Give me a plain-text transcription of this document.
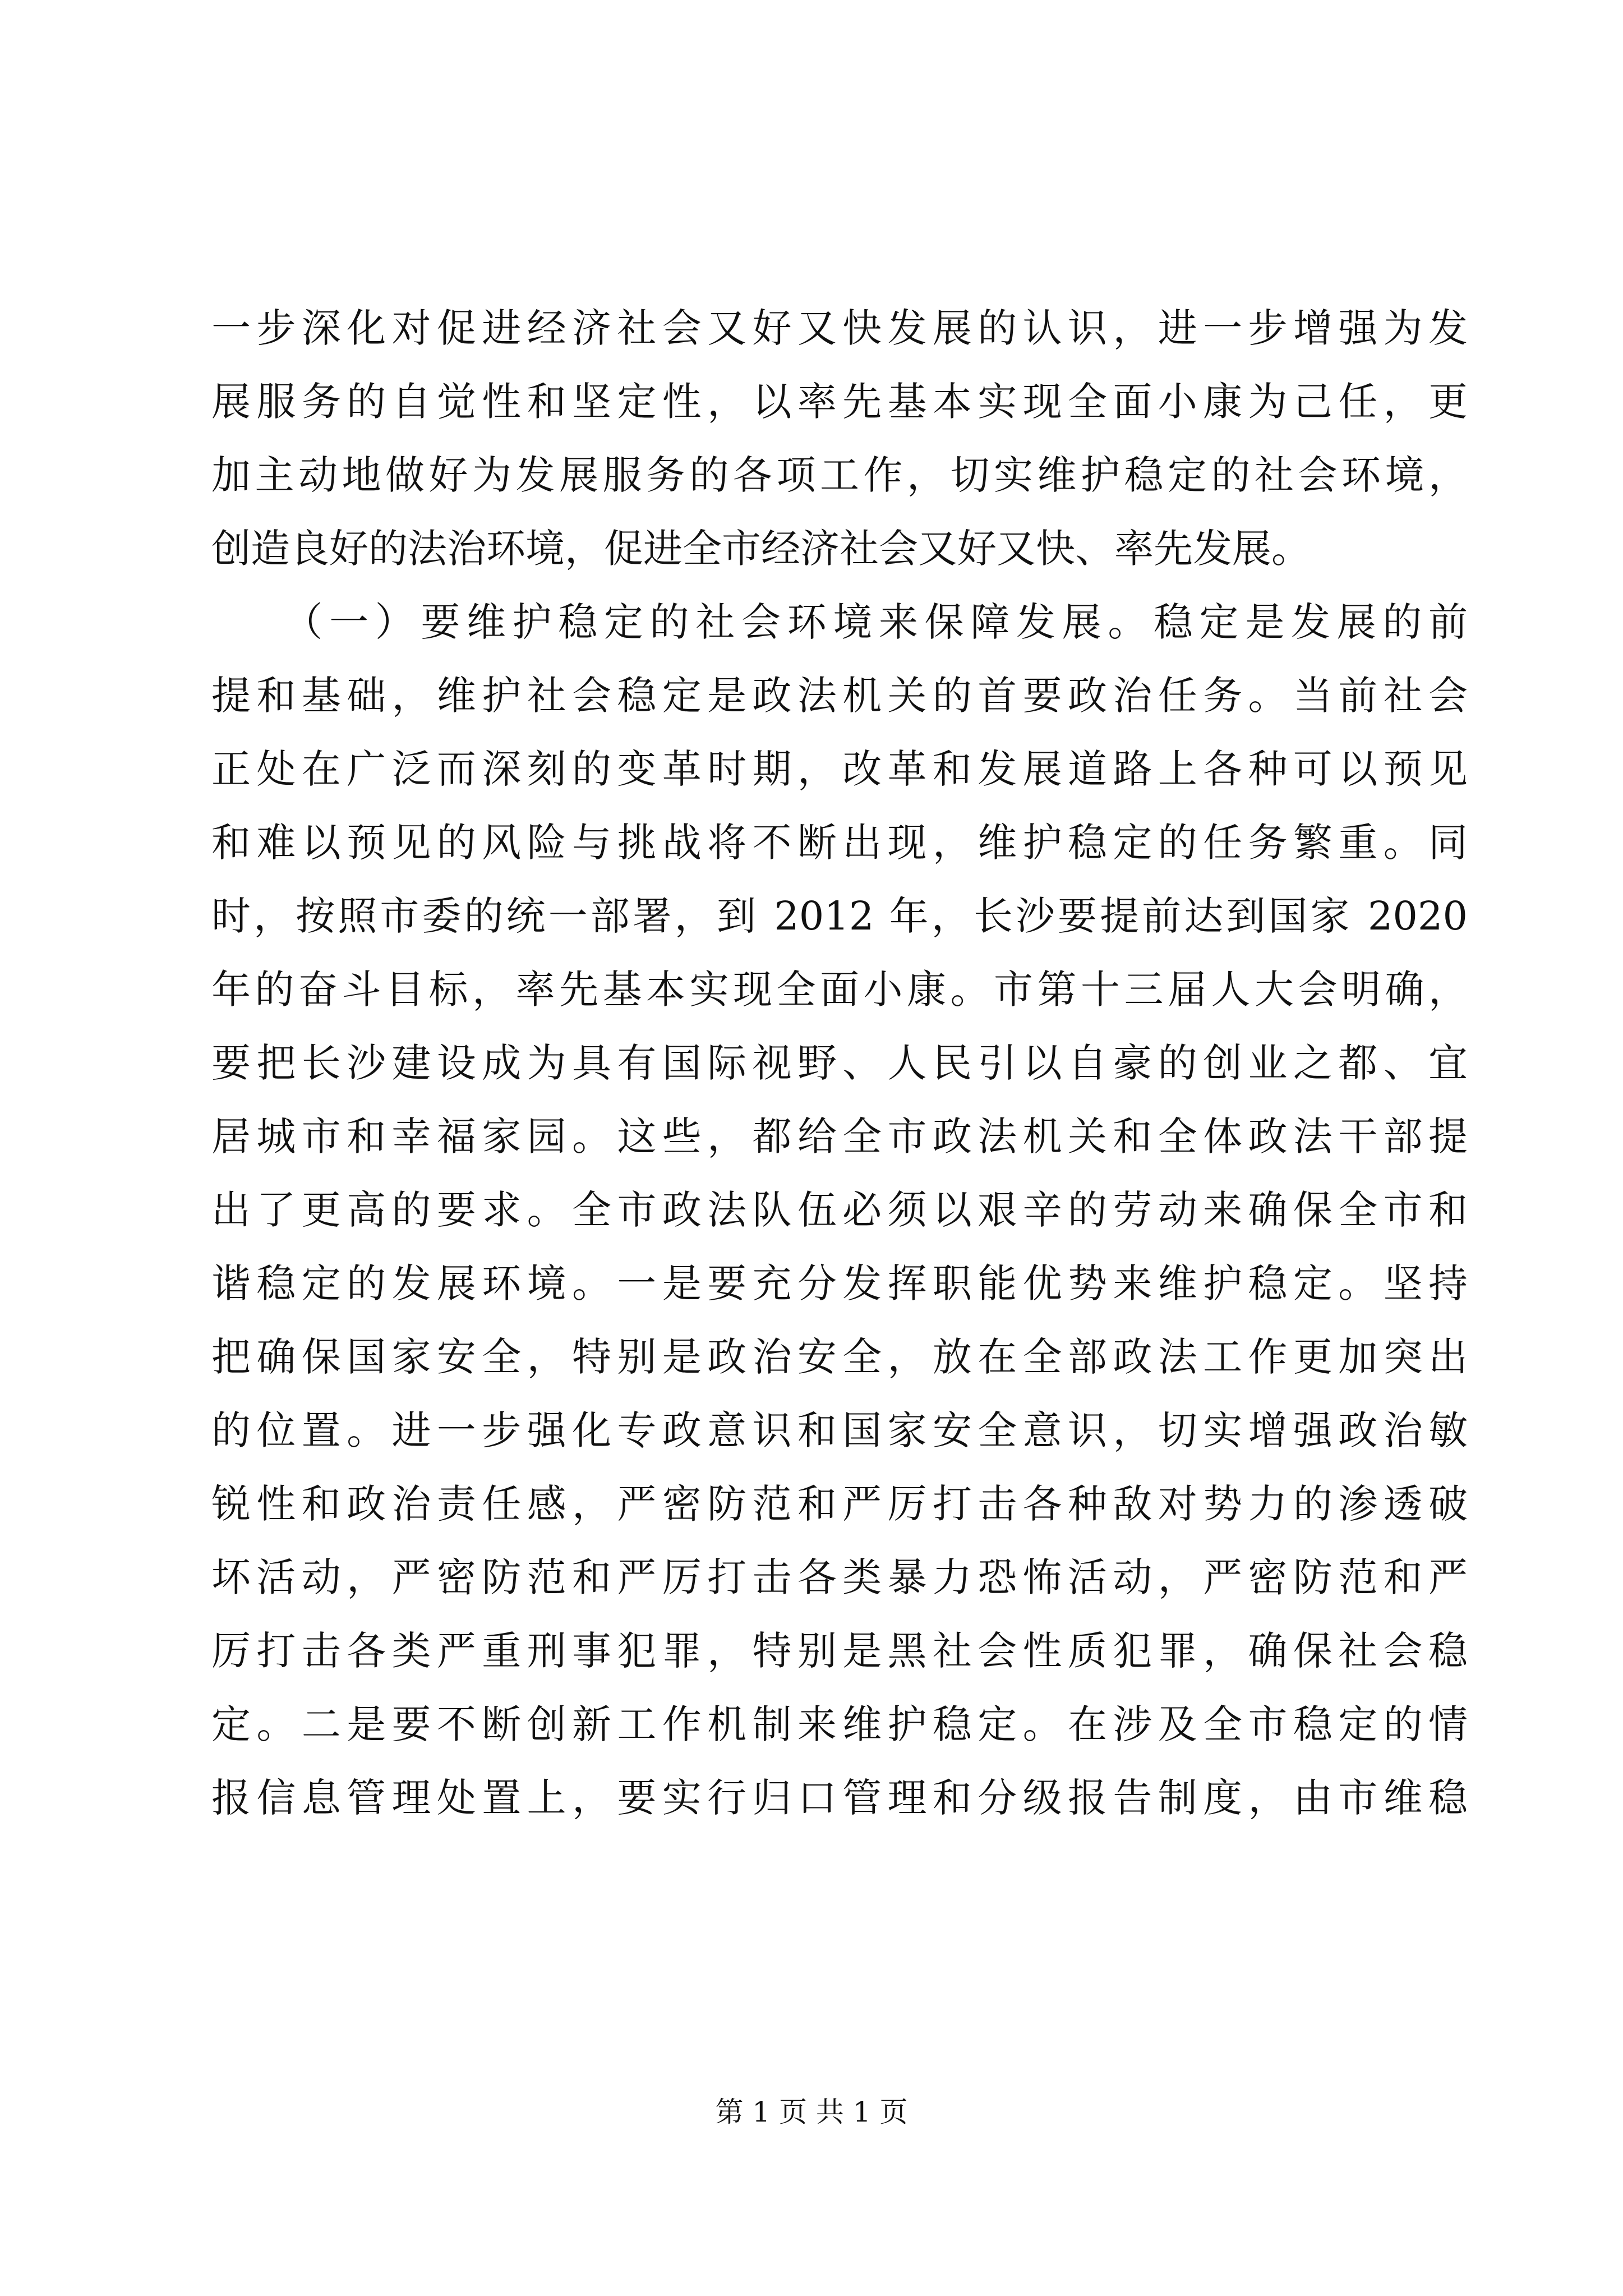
一步深化对促进经济社会又好又快发展的认识，进一步增强为发
展服务的自觉性和坚定性，以率先基本实现全面小康为己任，更
加主动地做好为发展服务的各项工作，切实维护稳定的社会环境，
创造良好的法治环境，促进全市经济社会又好又快、率先发展。
　　（一）要维护稳定的社会环境来保障发展。稳定是发展的前
提和基础，维护社会稳定是政法机关的首要政治任务。当前社会
正处在广泛而深刻的变革时期，改革和发展道路上各种可以预见
和难以预见的风险与挑战将不断出现，维护稳定的任务繁重。同
时，按照市委的统一部署，到 2012 年，长沙要提前达到国家 2020
年的奋斗目标，率先基本实现全面小康。市第十三届人大会明确，
要把长沙建设成为具有国际视野、人民引以自豪的创业之都、宜
居城市和幸福家园。这些，都给全市政法机关和全体政法干部提
出了更高的要求。全市政法队伍必须以艰辛的劳动来确保全市和
谐稳定的发展环境。一是要充分发挥职能优势来维护稳定。坚持
把确保国家安全，特别是政治安全，放在全部政法工作更加突出
的位置。进一步强化专政意识和国家安全意识，切实增强政治敏
锐性和政治责任感，严密防范和严厉打击各种敌对势力的渗透破
坏活动，严密防范和严厉打击各类暴力恐怖活动，严密防范和严
厉打击各类严重刑事犯罪，特别是黑社会性质犯罪，确保社会稳
定。二是要不断创新工作机制来维护稳定。在涉及全市稳定的情
报信息管理处置上，要实行归口管理和分级报告制度，由市维稳
第 1 页 共 1 页
